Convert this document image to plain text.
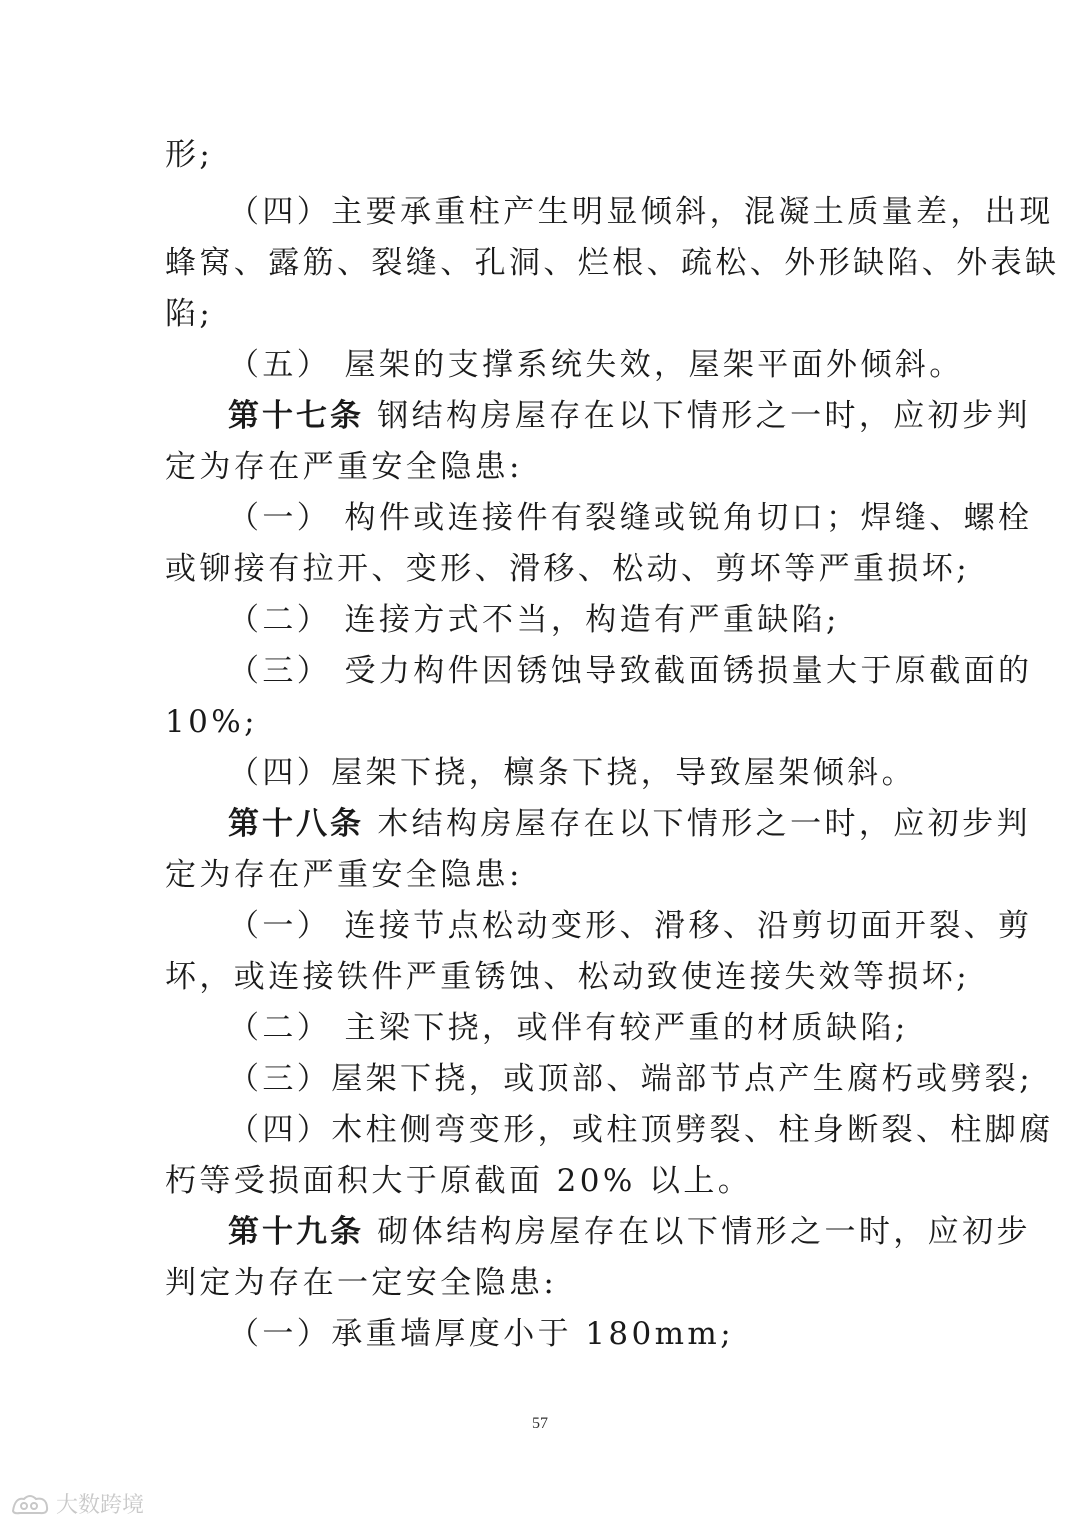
形;
（四）主要承重柱产生明显倾斜，混凝土质量差，出现
蜂窝、露筋、裂缝、孔洞、烂根、疏松、外形缺陷、外表缺
陷;
（五） 屋架的支撑系统失效，屋架平面外倾斜。
第十七条 钢结构房屋存在以下情形之一时，应初步判
定为存在严重安全隐患:
（一） 构件或连接件有裂缝或锐角切口；焊缝、螺栓
或铆接有拉开、变形、滑移、松动、剪坏等严重损坏;
（二） 连接方式不当，构造有严重缺陷;
（三） 受力构件因锈蚀导致截面锈损量大于原截面的
10%;
（四）屋架下挠，檩条下挠，导致屋架倾斜。
第十八条 木结构房屋存在以下情形之一时，应初步判
定为存在严重安全隐患:
（一） 连接节点松动变形、滑移、沿剪切面开裂、剪
坏，或连接铁件严重锈蚀、松动致使连接失效等损坏;
（二） 主梁下挠，或伴有较严重的材质缺陷;
（三）屋架下挠，或顶部、端部节点产生腐朽或劈裂;
（四）木柱侧弯变形，或柱顶劈裂、柱身断裂、柱脚腐
朽等受损面积大于原截面 20% 以上。
第十九条 砌体结构房屋存在以下情形之一时，应初步
判定为存在一定安全隐患:
（一）承重墙厚度小于 180mm;
57
大数跨境
